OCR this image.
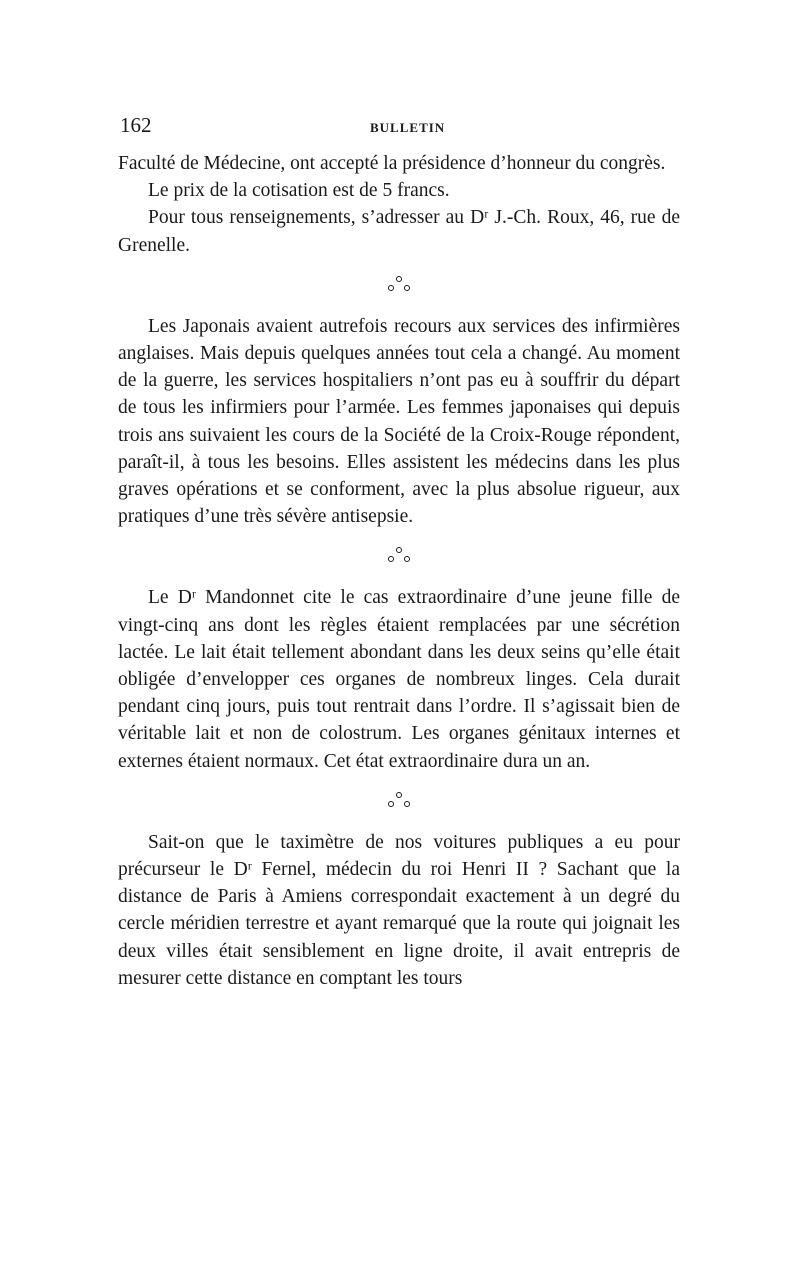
162	BULLETIN

Faculté de Médecine, ont accepté la présidence d’honneur du congrès.

Le prix de la cotisation est de 5 francs.

Pour tous renseignements, s’adresser au Dʳ J.-Ch. Roux, 46, rue de Grenelle.

Les Japonais avaient autrefois recours aux services des infirmières anglaises. Mais depuis quelques années tout cela a changé. Au moment de la guerre, les services hospitaliers n’ont pas eu à souffrir du départ de tous les infirmiers pour l’armée. Les femmes japonaises qui depuis trois ans suivaient les cours de la Société de la Croix-Rouge répondent, paraît-il, à tous les besoins. Elles assistent les médecins dans les plus graves opérations et se conforment, avec la plus absolue rigueur, aux pratiques d’une très sévère antisepsie.

Le Dʳ Mandonnet cite le cas extraordinaire d’une jeune fille de vingt-cinq ans dont les règles étaient remplacées par une sécrétion lactée. Le lait était tellement abondant dans les deux seins qu’elle était obligée d’envelopper ces organes de nombreux linges. Cela durait pendant cinq jours, puis tout rentrait dans l’ordre. Il s’agissait bien de véritable lait et non de colostrum. Les organes génitaux internes et externes étaient normaux. Cet état extraordinaire dura un an.

Sait-on que le taximètre de nos voitures publiques a eu pour précurseur le Dʳ Fernel, médecin du roi Henri II ? Sachant que la distance de Paris à Amiens correspondait exactement à un degré du cercle méridien terrestre et ayant remarqué que la route qui joignait les deux villes était sensiblement en ligne droite, il avait entrepris de mesurer cette distance en comptant les tours
